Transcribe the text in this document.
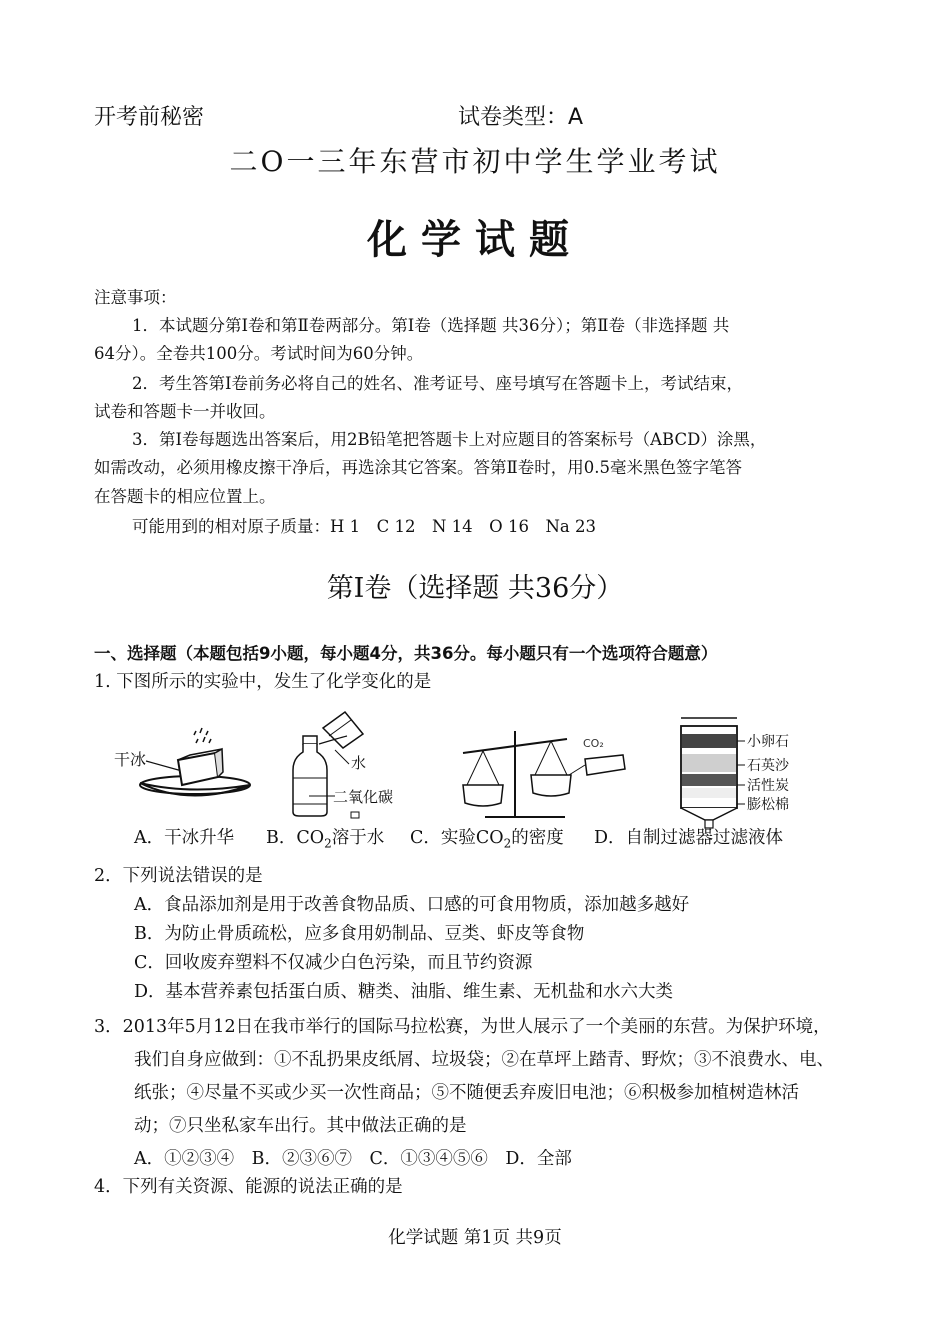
开考前秘密	试卷类型：A
二O一三年东营市初中学生学业考试
化学试题
注意事项：
1．本试题分第Ⅰ卷和第Ⅱ卷两部分。第Ⅰ卷（选择题 共36分）；第Ⅱ卷（非选择题 共
64分）。全卷共100分。考试时间为60分钟。
2．考生答第Ⅰ卷前务必将自己的姓名、准考证号、座号填写在答题卡上，考试结束，
试卷和答题卡一并收回。
3．第Ⅰ卷每题选出答案后，用2B铅笔把答题卡上对应题目的答案标号（ABCD）涂黑，
如需改动，必须用橡皮擦干净后，再选涂其它答案。答第Ⅱ卷时，用0.5毫米黑色签字笔答
在答题卡的相应位置上。
可能用到的相对原子质量：H 1　C 12　N 14　O 16　Na 23
第Ⅰ卷（选择题 共36分）
一、选择题（本题包括9小题，每小题4分，共36分。每小题只有一个选项符合题意）
1. 下图所示的实验中，发生了化学变化的是
干冰	水
二氧化碳
CO₂	小卵石
石英沙
活性炭
膨松棉
A．干冰升华 B．$CO_2$溶于水 C．实验$CO_2$的密度 D．自制过滤器过滤液体
2．下列说法错误的是
A．食品添加剂是用于改善食物品质、口感的可食用物质，添加越多越好
B．为防止骨质疏松，应多食用奶制品、豆类、虾皮等食物
C．回收废弃塑料不仅减少白色污染，而且节约资源
D．基本营养素包括蛋白质、糖类、油脂、维生素、无机盐和水六大类
3．2013年5月12日在我市举行的国际马拉松赛，为世人展示了一个美丽的东营。为保护环境，
我们自身应做到：①不乱扔果皮纸屑、垃圾袋；②在草坪上踏青、野炊；③不浪费水、电、
纸张；④尽量不买或少买一次性商品；⑤不随便丢弃废旧电池；⑥积极参加植树造林活
动；⑦只坐私家车出行。其中做法正确的是
A．①②③④　B．②③⑥⑦　C．①③④⑤⑥　D．全部
4．下列有关资源、能源的说法正确的是
化学试题 第1页 共9页
